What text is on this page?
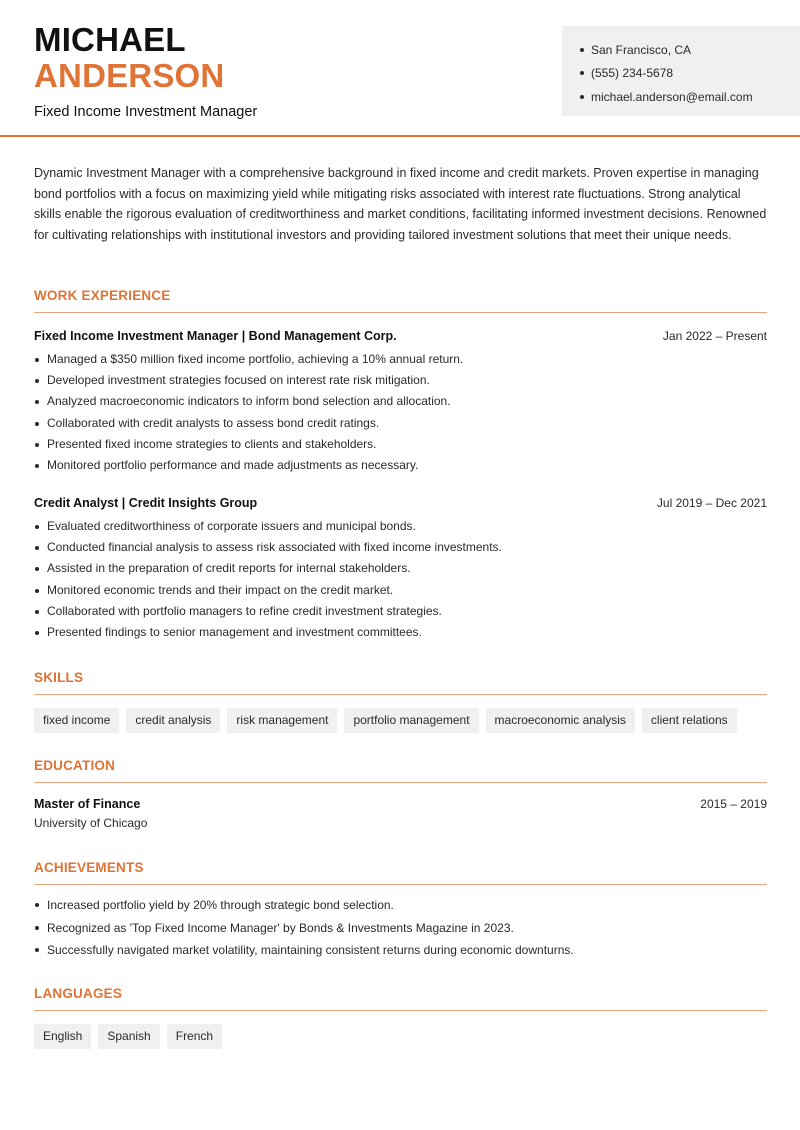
MICHAEL
ANDERSON
Fixed Income Investment Manager
San Francisco, CA
(555) 234-5678
michael.anderson@email.com

Dynamic Investment Manager with a comprehensive background in fixed income and credit markets. Proven expertise in managing bond portfolios with a focus on maximizing yield while mitigating risks associated with interest rate fluctuations. Strong analytical skills enable the rigorous evaluation of creditworthiness and market conditions, facilitating informed investment decisions. Renowned for cultivating relationships with institutional investors and providing tailored investment solutions that meet their unique needs.

WORK EXPERIENCE
Fixed Income Investment Manager | Bond Management Corp.	Jan 2022 – Present
Managed a $350 million fixed income portfolio, achieving a 10% annual return.
Developed investment strategies focused on interest rate risk mitigation.
Analyzed macroeconomic indicators to inform bond selection and allocation.
Collaborated with credit analysts to assess bond credit ratings.
Presented fixed income strategies to clients and stakeholders.
Monitored portfolio performance and made adjustments as necessary.
Credit Analyst | Credit Insights Group	Jul 2019 – Dec 2021
Evaluated creditworthiness of corporate issuers and municipal bonds.
Conducted financial analysis to assess risk associated with fixed income investments.
Assisted in the preparation of credit reports for internal stakeholders.
Monitored economic trends and their impact on the credit market.
Collaborated with portfolio managers to refine credit investment strategies.
Presented findings to senior management and investment committees.
SKILLS
fixed income	credit analysis	risk management	portfolio management	macroeconomic analysis	client relations
EDUCATION
Master of Finance	2015 – 2019
University of Chicago
ACHIEVEMENTS
Increased portfolio yield by 20% through strategic bond selection.
Recognized as 'Top Fixed Income Manager' by Bonds & Investments Magazine in 2023.
Successfully navigated market volatility, maintaining consistent returns during economic downturns.
LANGUAGES
English	Spanish	French
